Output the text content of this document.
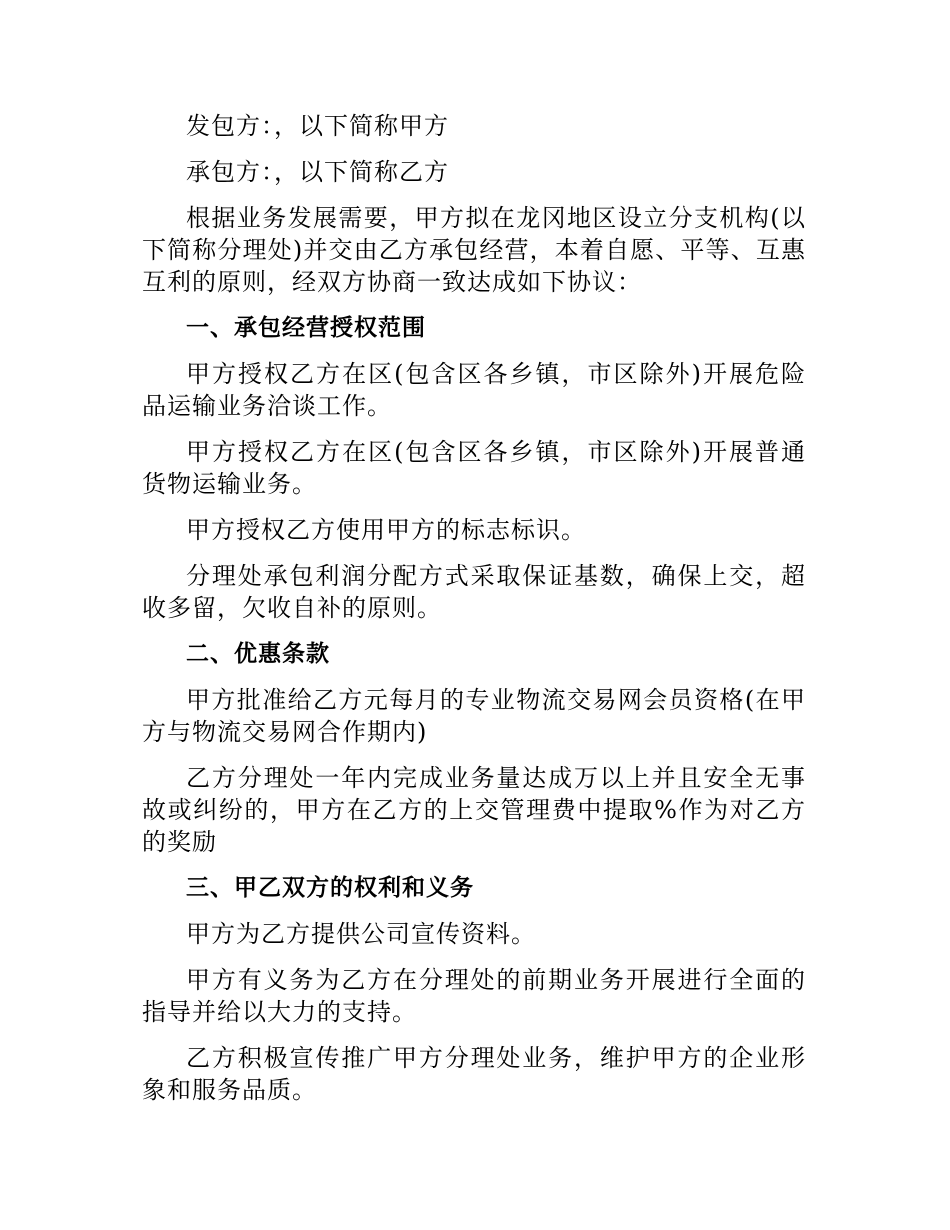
发包方：，以下简称甲方

承包方：，以下简称乙方

根据业务发展需要，甲方拟在龙冈地区设立分支机构(以下简称分理处)并交由乙方承包经营，本着自愿、平等、互惠互利的原则，经双方协商一致达成如下协议：

一、承包经营授权范围

甲方授权乙方在区(包含区各乡镇，市区除外)开展危险品运输业务洽谈工作。

甲方授权乙方在区(包含区各乡镇，市区除外)开展普通货物运输业务。

甲方授权乙方使用甲方的标志标识。

分理处承包利润分配方式采取保证基数，确保上交，超收多留，欠收自补的原则。

二、优惠条款

甲方批准给乙方元每月的专业物流交易网会员资格(在甲方与物流交易网合作期内)

乙方分理处一年内完成业务量达成万以上并且安全无事故或纠纷的，甲方在乙方的上交管理费中提取%作为对乙方的奖励

三、甲乙双方的权利和义务

甲方为乙方提供公司宣传资料。

甲方有义务为乙方在分理处的前期业务开展进行全面的指导并给以大力的支持。

乙方积极宣传推广甲方分理处业务，维护甲方的企业形象和服务品质。
